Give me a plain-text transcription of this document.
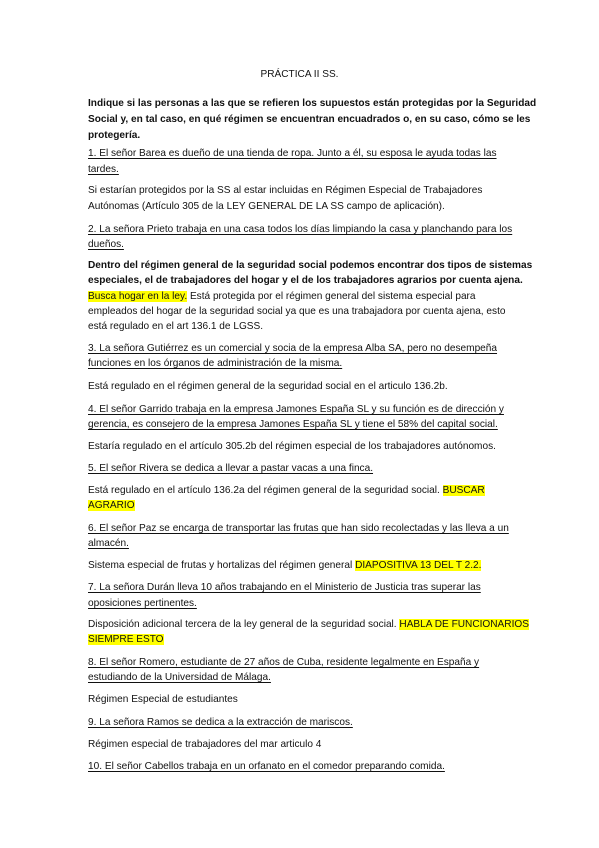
PRÁCTICA II SS.
Indique si las personas a las que se refieren los supuestos están protegidas por la Seguridad
Social y, en tal caso, en qué régimen se encuentran encuadrados o, en su caso, cómo se les
protegería.
1. El señor Barea es dueño de una tienda de ropa. Junto a él, su esposa le ayuda todas las
tardes.
Si estarían protegidos por la SS al estar incluidas en Régimen Especial de Trabajadores
Autónomas (Artículo 305 de la LEY GENERAL DE LA SS campo de aplicación).
2. La señora Prieto trabaja en una casa todos los días limpiando la casa y planchando para los
dueños.
Dentro del régimen general de la seguridad social podemos encontrar dos tipos de sistemas
especiales, el de trabajadores del hogar y el de los trabajadores agrarios por cuenta ajena.
Busca hogar en la ley. Está protegida por el régimen general del sistema especial para
empleados del hogar de la seguridad social ya que es una trabajadora por cuenta ajena, esto
está regulado en el art 136.1 de LGSS.
3. La señora Gutiérrez es un comercial y socia de la empresa Alba SA, pero no desempeña
funciones en los órganos de administración de la misma.
Está regulado en el régimen general de la seguridad social en el articulo 136.2b.
4. El señor Garrido trabaja en la empresa Jamones España SL y su función es de dirección y
gerencia, es consejero de la empresa Jamones España SL y tiene el 58% del capital social.
Estaría regulado en el artículo 305.2b del régimen especial de los trabajadores autónomos.
5. El señor Rivera se dedica a llevar a pastar vacas a una finca.
Está regulado en el artículo 136.2a del régimen general de la seguridad social. BUSCAR
AGRARIO
6. El señor Paz se encarga de transportar las frutas que han sido recolectadas y las lleva a un
almacén.
Sistema especial de frutas y hortalizas del régimen general DIAPOSITIVA 13 DEL T 2.2.
7. La señora Durán lleva 10 años trabajando en el Ministerio de Justicia tras superar las
oposiciones pertinentes.
Disposición adicional tercera de la ley general de la seguridad social. HABLA DE FUNCIONARIOS
SIEMPRE ESTO
8. El señor Romero, estudiante de 27 años de Cuba, residente legalmente en España y
estudiando de la Universidad de Málaga.
Régimen Especial de estudiantes
9. La señora Ramos se dedica a la extracción de mariscos.
Régimen especial de trabajadores del mar articulo 4
10. El señor Cabellos trabaja en un orfanato en el comedor preparando comida.
